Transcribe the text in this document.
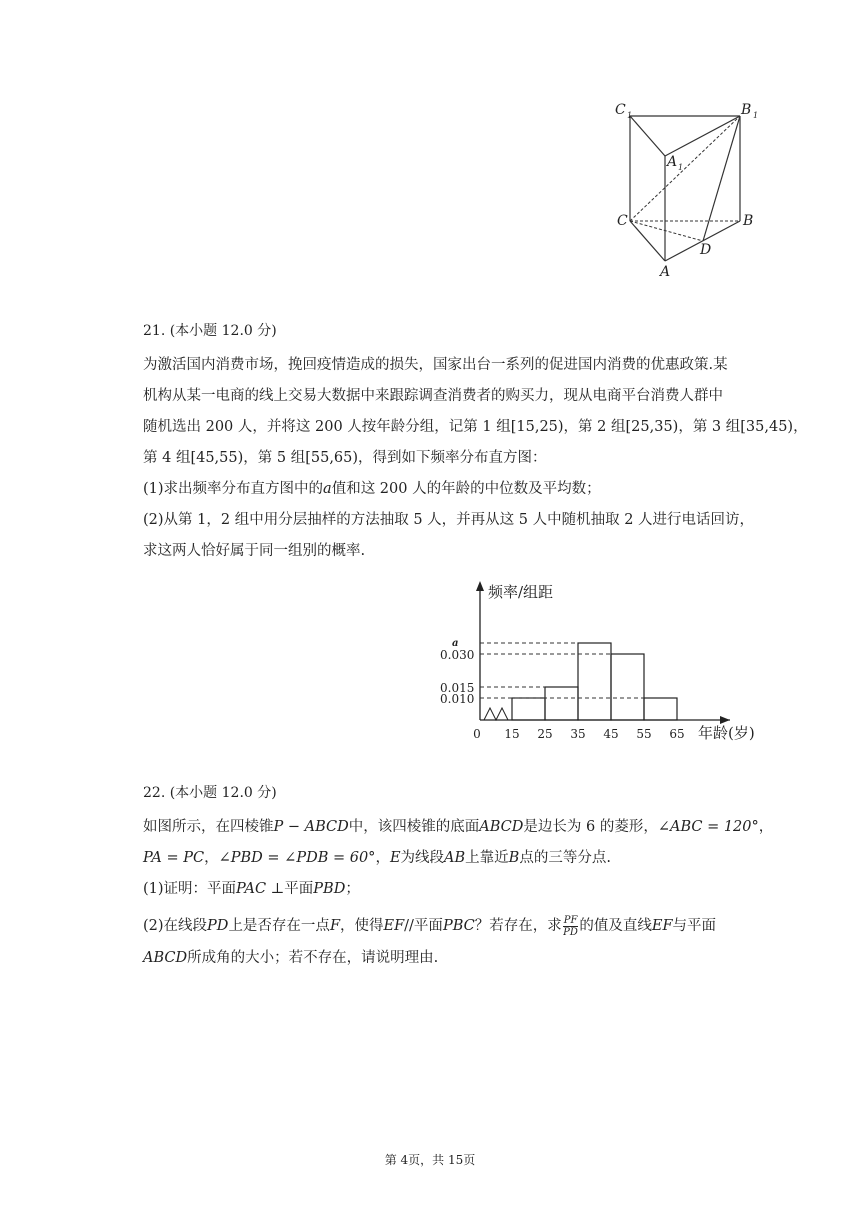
C 1	B 1
A 1
C	B
A
D
21. (本小题 12.0 分)
为激活国内消费市场，挽回疫情造成的损失，国家出台一系列的促进国内消费的优惠政策.某
机构从某一电商的线上交易大数据中来跟踪调查消费者的购买力，现从电商平台消费人群中
随机选出 200 人，并将这 200 人按年龄分组，记第 1 组[15,25)，第 2 组[25,35)，第 3 组[35,45)，
第 4 组[45,55)，第 5 组[55,65)，得到如下频率分布直方图：
(1)求出频率分布直方图中的a值和这 200 人的年龄的中位数及平均数；
(2)从第 1，2 组中用分层抽样的方法抽取 5 人，并再从这 5 人中随机抽取 2 人进行电话回访，
求这两人恰好属于同一组别的概率.
a
0.030
0.015
0.010
15 25 35 45 55 65
0
频率/组距
年龄(岁)
22. (本小题 12.0 分)
如图所示，在四棱锥P − ABCD中，该四棱锥的底面ABCD是边长为 6 的菱形，∠ABC = 120°，
PA = PC，∠PBD = ∠PDB = 60°，E为线段AB上靠近B点的三等分点.
(1)证明：平面PAC ⊥平面PBD；
(2)在线段PD上是否存在一点F，使得EF//平面PBC？若存在，求 $\frac{PF}{PD}$ 的值及直线EF与平面
ABCD所成角的大小；若不存在，请说明理由.
第 4页，共 15页
